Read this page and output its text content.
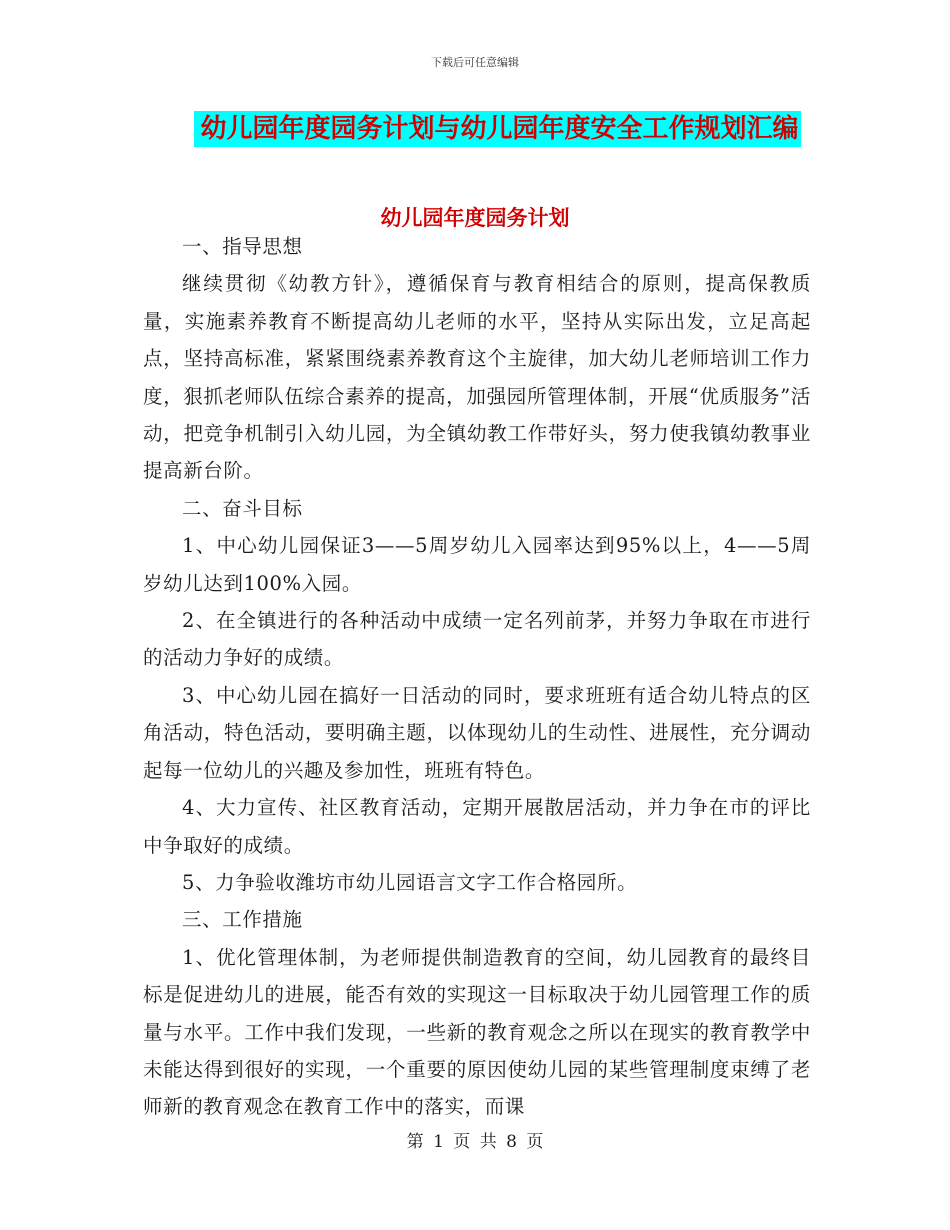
下载后可任意编辑
幼儿园年度园务计划与幼儿园年度安全工作规划汇编
幼儿园年度园务计划

一、指导思想

继续贯彻《幼教方针》，遵循保育与教育相结合的原则，提高保教质量，实施素养教育不断提高幼儿老师的水平，坚持从实际出发，立足高起点，坚持高标准，紧紧围绕素养教育这个主旋律，加大幼儿老师培训工作力度，狠抓老师队伍综合素养的提高，加强园所管理体制，开展“优质服务”活动，把竞争机制引入幼儿园，为全镇幼教工作带好头，努力使我镇幼教事业提高新台阶。

二、奋斗目标

1、中心幼儿园保证3——5周岁幼儿入园率达到95%以上，4——5周岁幼儿达到100%入园。

2、在全镇进行的各种活动中成绩一定名列前茅，并努力争取在市进行的活动力争好的成绩。

3、中心幼儿园在搞好一日活动的同时，要求班班有适合幼儿特点的区角活动，特色活动，要明确主题，以体现幼儿的生动性、进展性，充分调动起每一位幼儿的兴趣及参加性，班班有特色。

4、大力宣传、社区教育活动，定期开展散居活动，并力争在市的评比中争取好的成绩。

5、力争验收潍坊市幼儿园语言文字工作合格园所。

三、工作措施

1、优化管理体制，为老师提供制造教育的空间，幼儿园教育的最终目标是促进幼儿的进展，能否有效的实现这一目标取决于幼儿园管理工作的质量与水平。工作中我们发现，一些新的教育观念之所以在现实的教育教学中未能达得到很好的实现，一个重要的原因使幼儿园的某些管理制度束缚了老师新的教育观念在教育工作中的落实，而课

第 1 页 共 8 页
